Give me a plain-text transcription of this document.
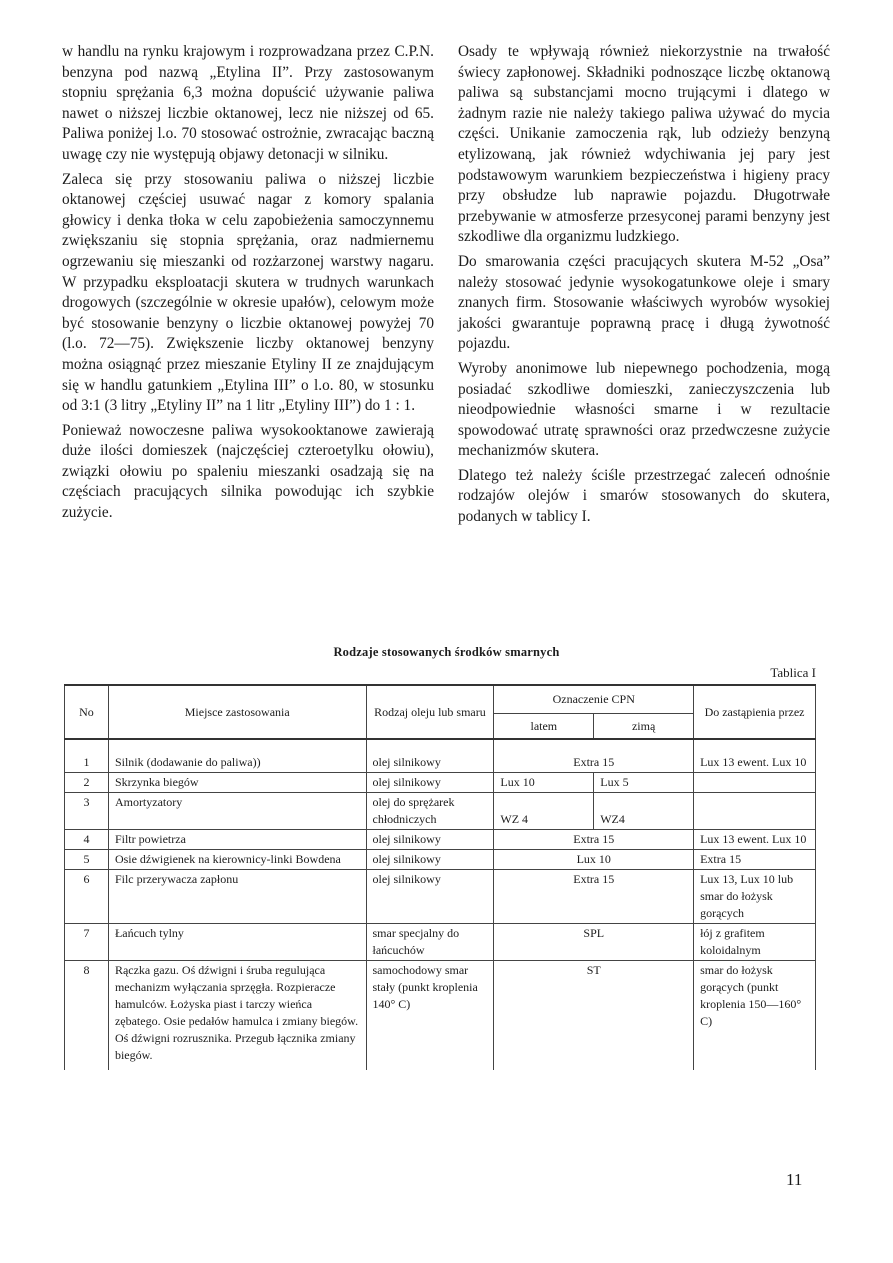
w handlu na rynku krajowym i rozprowadzana przez C.P.N. benzyna pod nazwą „Etylina II”. Przy zastosowanym stopniu sprężania 6,3 można dopuścić używanie paliwa nawet o niższej liczbie oktanowej, lecz nie niższej od 65. Paliwa poniżej l.o. 70 stosować ostrożnie, zwracając baczną uwagę czy nie występują objawy detonacji w silniku.

Zaleca się przy stosowaniu paliwa o niższej liczbie oktanowej częściej usuwać nagar z komory spalania głowicy i denka tłoka w celu zapobieżenia samoczynnemu zwiększaniu się stopnia sprężania, oraz nadmiernemu ogrzewaniu się mieszanki od rozżarzonej warstwy nagaru. W przypadku eksploatacji skutera w trudnych warunkach drogowych (szczególnie w okresie upałów), celowym może być stosowanie benzyny o liczbie oktanowej powyżej 70 (l.o. 72—75). Zwiększenie liczby oktanowej benzyny można osiągnąć przez mieszanie Etyliny II ze znajdującym się w handlu gatunkiem „Etylina III” o l.o. 80, w stosunku od 3:1 (3 litry „Etyliny II” na 1 litr „Etyliny III”) do 1 : 1.

Ponieważ nowoczesne paliwa wysokooktanowe zawierają duże ilości domieszek (najczęściej czteroetylku ołowiu), związki ołowiu po spaleniu mieszanki osadzają się na częściach pracujących silnika powodując ich szybkie zużycie.

Osady te wpływają również niekorzystnie na trwałość świecy zapłonowej. Składniki podnoszące liczbę oktanową paliwa są substancjami mocno trującymi i dlatego w żadnym razie nie należy takiego paliwa używać do mycia części. Unikanie zamoczenia rąk, lub odzieży benzyną etylizowaną, jak również wdychiwania jej pary jest podstawowym warunkiem bezpieczeństwa i higieny pracy przy obsłudze lub naprawie pojazdu. Długotrwałe przebywanie w atmosferze przesyconej parami benzyny jest szkodliwe dla organizmu ludzkiego.

Do smarowania części pracujących skutera M-52 „Osa” należy stosować jedynie wysokogatunkowe oleje i smary znanych firm. Stosowanie właściwych wyrobów wysokiej jakości gwarantuje poprawną pracę i długą żywotność pojazdu.

Wyroby anonimowe lub niepewnego pochodzenia, mogą posiadać szkodliwe domieszki, zanieczyszczenia lub nieodpowiednie własności smarne i w rezultacie spowodować utratę sprawności oraz przedwczesne zużycie mechanizmów skutera.

Dlatego też należy ściśle przestrzegać zaleceń odnośnie rodzajów olejów i smarów stosowanych do skutera, podanych w tablicy I.

Rodzaje stosowanych środków smarnych
Tablica I
No	Miejsce zastosowania	Rodzaj oleju lub smaru	Oznaczenie CPN		Do zastąpienia przez
			latem	zimą	
1	Silnik (dodawanie do paliwa))	olej silnikowy	Extra 15		Lux 13 ewent. Lux 10
2	Skrzynka biegów	olej silnikowy	Lux 10	Lux 5	
3	Amortyzatory	olej do sprężarek chłodniczych	WZ 4	WZ4	
4	Filtr powietrza	olej silnikowy	Extra 15		Lux 13 ewent. Lux 10
5	Osie dźwigienek na kierownicy-linki Bowdena	olej silnikowy	Lux 10		Extra 15
6	Filc przerywacza zapłonu	olej silnikowy	Extra 15		Lux 13, Lux 10 lub smar do łożysk gorących
7	Łańcuch tylny	smar specjalny do łańcuchów	SPL		łój z grafitem koloidalnym
8	Rączka gazu. Oś dźwigni i śruba regulująca mechanizm wyłączania sprzęgła. Rozpieracze hamulców. Łożyska piast i tarczy wieńca zębatego. Osie pedałów hamulca i zmiany biegów. Oś dźwigni rozrusznika. Przegub łącznika zmiany biegów.	samochodowy smar stały (punkt kroplenia 140° C)	ST		smar do łożysk gorących (punkt kroplenia 150—160° C)
11
